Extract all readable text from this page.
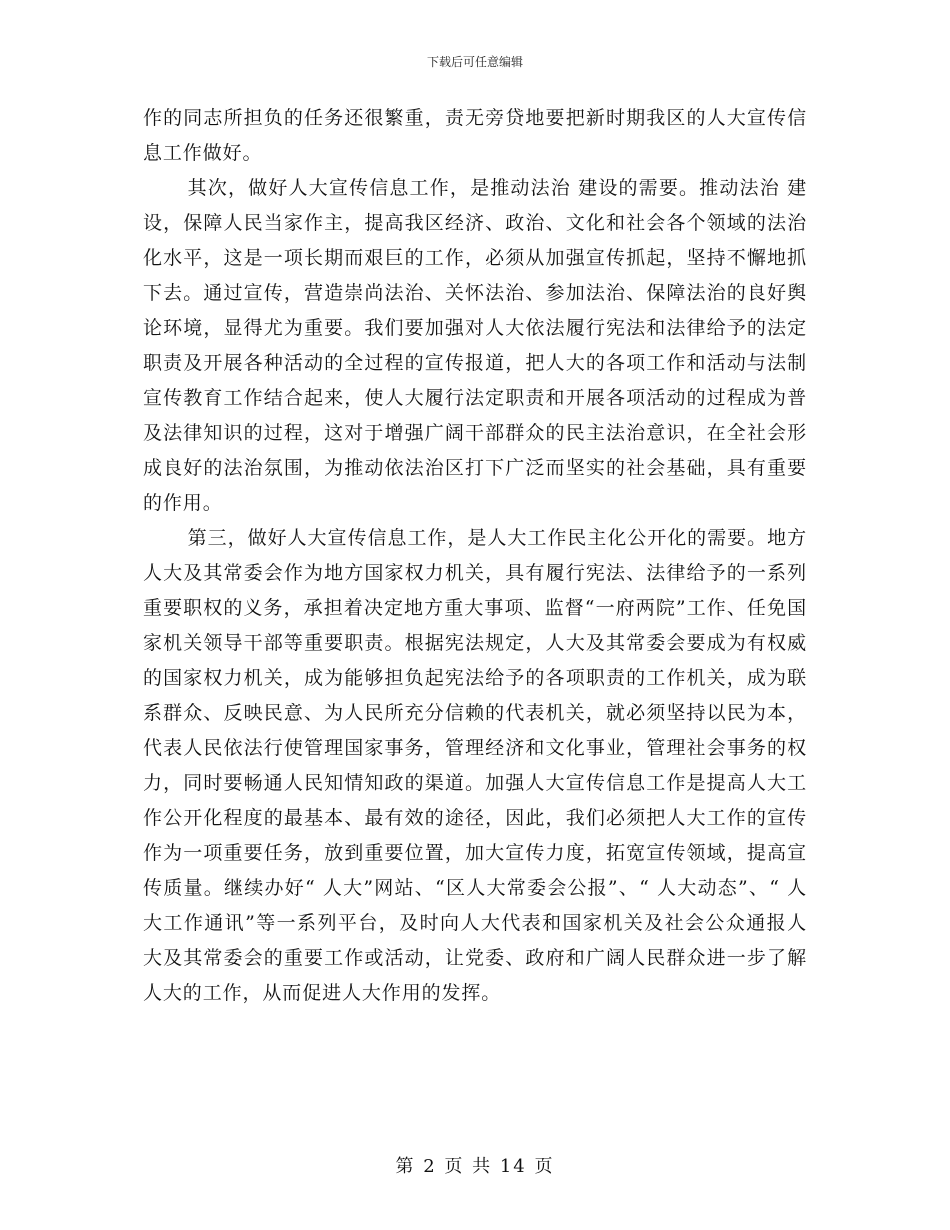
下载后可任意编辑

作的同志所担负的任务还很繁重，责无旁贷地要把新时期我区的人大宣传信息工作做好。

其次，做好人大宣传信息工作，是推动法治 建设的需要。推动法治 建设，保障人民当家作主，提高我区经济、政治、文化和社会各个领域的法治化水平，这是一项长期而艰巨的工作，必须从加强宣传抓起，坚持不懈地抓下去。通过宣传，营造崇尚法治、关怀法治、参加法治、保障法治的良好舆论环境，显得尤为重要。我们要加强对人大依法履行宪法和法律给予的法定职责及开展各种活动的全过程的宣传报道，把人大的各项工作和活动与法制宣传教育工作结合起来，使人大履行法定职责和开展各项活动的过程成为普及法律知识的过程，这对于增强广阔干部群众的民主法治意识，在全社会形成良好的法治氛围，为推动依法治区打下广泛而坚实的社会基础，具有重要的作用。

第三，做好人大宣传信息工作，是人大工作民主化公开化的需要。地方人大及其常委会作为地方国家权力机关，具有履行宪法、法律给予的一系列重要职权的义务，承担着决定地方重大事项、监督“一府两院”工作、任免国家机关领导干部等重要职责。根据宪法规定，人大及其常委会要成为有权威的国家权力机关，成为能够担负起宪法给予的各项职责的工作机关，成为联系群众、反映民意、为人民所充分信赖的代表机关，就必须坚持以民为本，代表人民依法行使管理国家事务，管理经济和文化事业，管理社会事务的权力，同时要畅通人民知情知政的渠道。加强人大宣传信息工作是提高人大工作公开化程度的最基本、最有效的途径，因此，我们必须把人大工作的宣传作为一项重要任务，放到重要位置，加大宣传力度，拓宽宣传领域，提高宣传质量。继续办好“ 人大”网站、“区人大常委会公报”、“ 人大动态”、“ 人大工作通讯”等一系列平台，及时向人大代表和国家机关及社会公众通报人大及其常委会的重要工作或活动，让党委、政府和广阔人民群众进一步了解人大的工作，从而促进人大作用的发挥。

第 2 页 共 14 页
